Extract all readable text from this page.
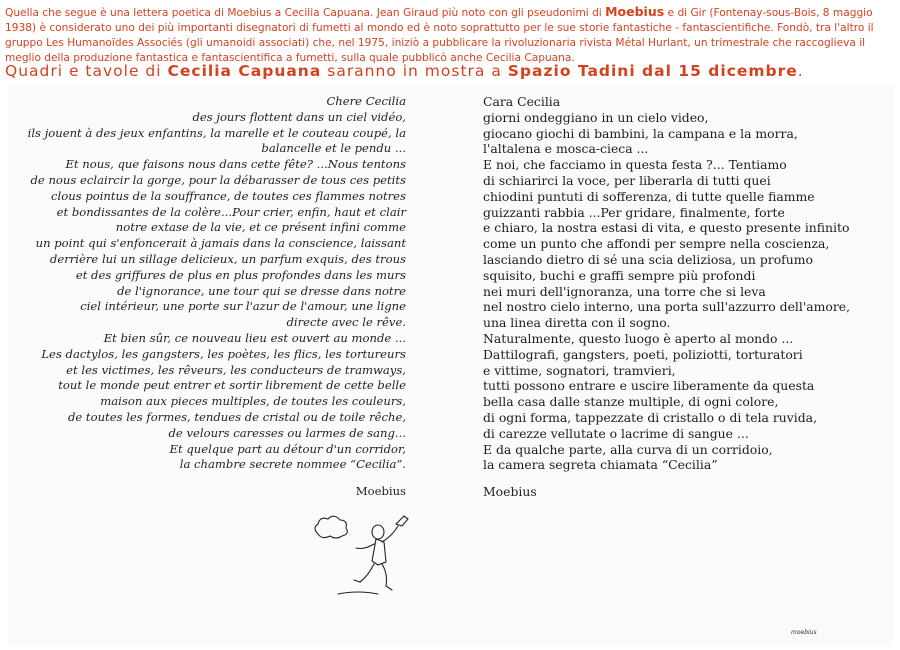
Quella che segue è una lettera poetica di Moebius a Cecilia Capuana. Jean Giraud più noto con gli pseudonimi di Moebius e di Gir (Fontenay-sous-Bois, 8 maggio 1938) è considerato uno dei più importanti disegnatori di fumetti al mondo ed è noto soprattutto per le sue storie fantastiche - fantascientifiche. Fondò, tra l'altro il gruppo Les Humanoïdes Associés (gli umanoidi associati) che, nel 1975, iniziò a pubblicare la rivoluzionaria rivista Métal Hurlant, un trimestrale che raccoglieva il meglio della produzione fantastica e fantascientifica a fumetti, sulla quale pubblicò anche Cecilia Capuana.
Quadri e tavole di Cecilia Capuana saranno in mostra a Spazio Tadini dal 15 dicembre.
Chere Cecilia
des jours flottent dans un ciel vidéo,
ils jouent à des jeux enfantins, la marelle et le couteau coupé, la
balancelle et le pendu ...
Et nous, que faisons nous dans cette fête? ...Nous tentons
de nous eclaircir la gorge, pour la débarasser de tous ces petits
clous pointus de la souffrance, de toutes ces flammes notres
et bondissantes de la colère...Pour crier, enfin, haut et clair
notre extase de la vie, et ce présent infini comme
un point qui s'enfoncerait à jamais dans la conscience, laissant
derrière lui un sillage delicieux, un parfum exquis, des trous
et des griffures de plus en plus profondes dans les murs
de l'ignorance, une tour qui se dresse dans notre
ciel intérieur, une porte sur l'azur de l'amour, une ligne
directe avec le rêve.
Et bien sûr, ce nouveau lieu est ouvert au monde ...
Les dactylos, les gangsters, les poètes, les flics, les tortureurs
et les victimes, les rêveurs, les conducteurs de tramways,
tout le monde peut entrer et sortir librement de cette belle
maison aux pieces multiples, de toutes les couleurs,
de toutes les formes, tendues de cristal ou de toile rêche,
de velours caresses ou larmes de sang...
Et quelque part au détour d'un corridor,
la chambre secrete nommee “Cecilia”.
Moebius
Cara Cecilia
giorni ondeggiano in un cielo video,
giocano giochi di bambini, la campana e la morra,
l'altalena e mosca-cieca ...
E noi, che facciamo in questa festa ?... Tentiamo
di schiarirci la voce, per liberarla di tutti quei
chiodini puntuti di sofferenza, di tutte quelle fiamme
guizzanti rabbia ...Per gridare, finalmente, forte
e chiaro, la nostra estasi di vita, e questo presente infinito
come un punto che affondi per sempre nella coscienza,
lasciando dietro di sé una scia deliziosa, un profumo
squisito, buchi e graffi sempre più profondi
nei muri dell'ignoranza, una torre che si leva
nel nostro cielo interno, una porta sull'azzurro dell'amore,
una linea diretta con il sogno.
Naturalmente, questo luogo è aperto al mondo ...
Dattilografi, gangsters, poeti, poliziotti, torturatori
e vittime, sognatori, tramvieri,
tutti possono entrare e uscire liberamente da questa
bella casa dalle stanze multiple, di ogni colore,
di ogni forma, tappezzate di cristallo o di tela ruvida,
di carezze vellutate o lacrime di sangue ...
E da qualche parte, alla curva di un corridoio,
la camera segreta chiamata “Cecilia”
Moebius
moebius
